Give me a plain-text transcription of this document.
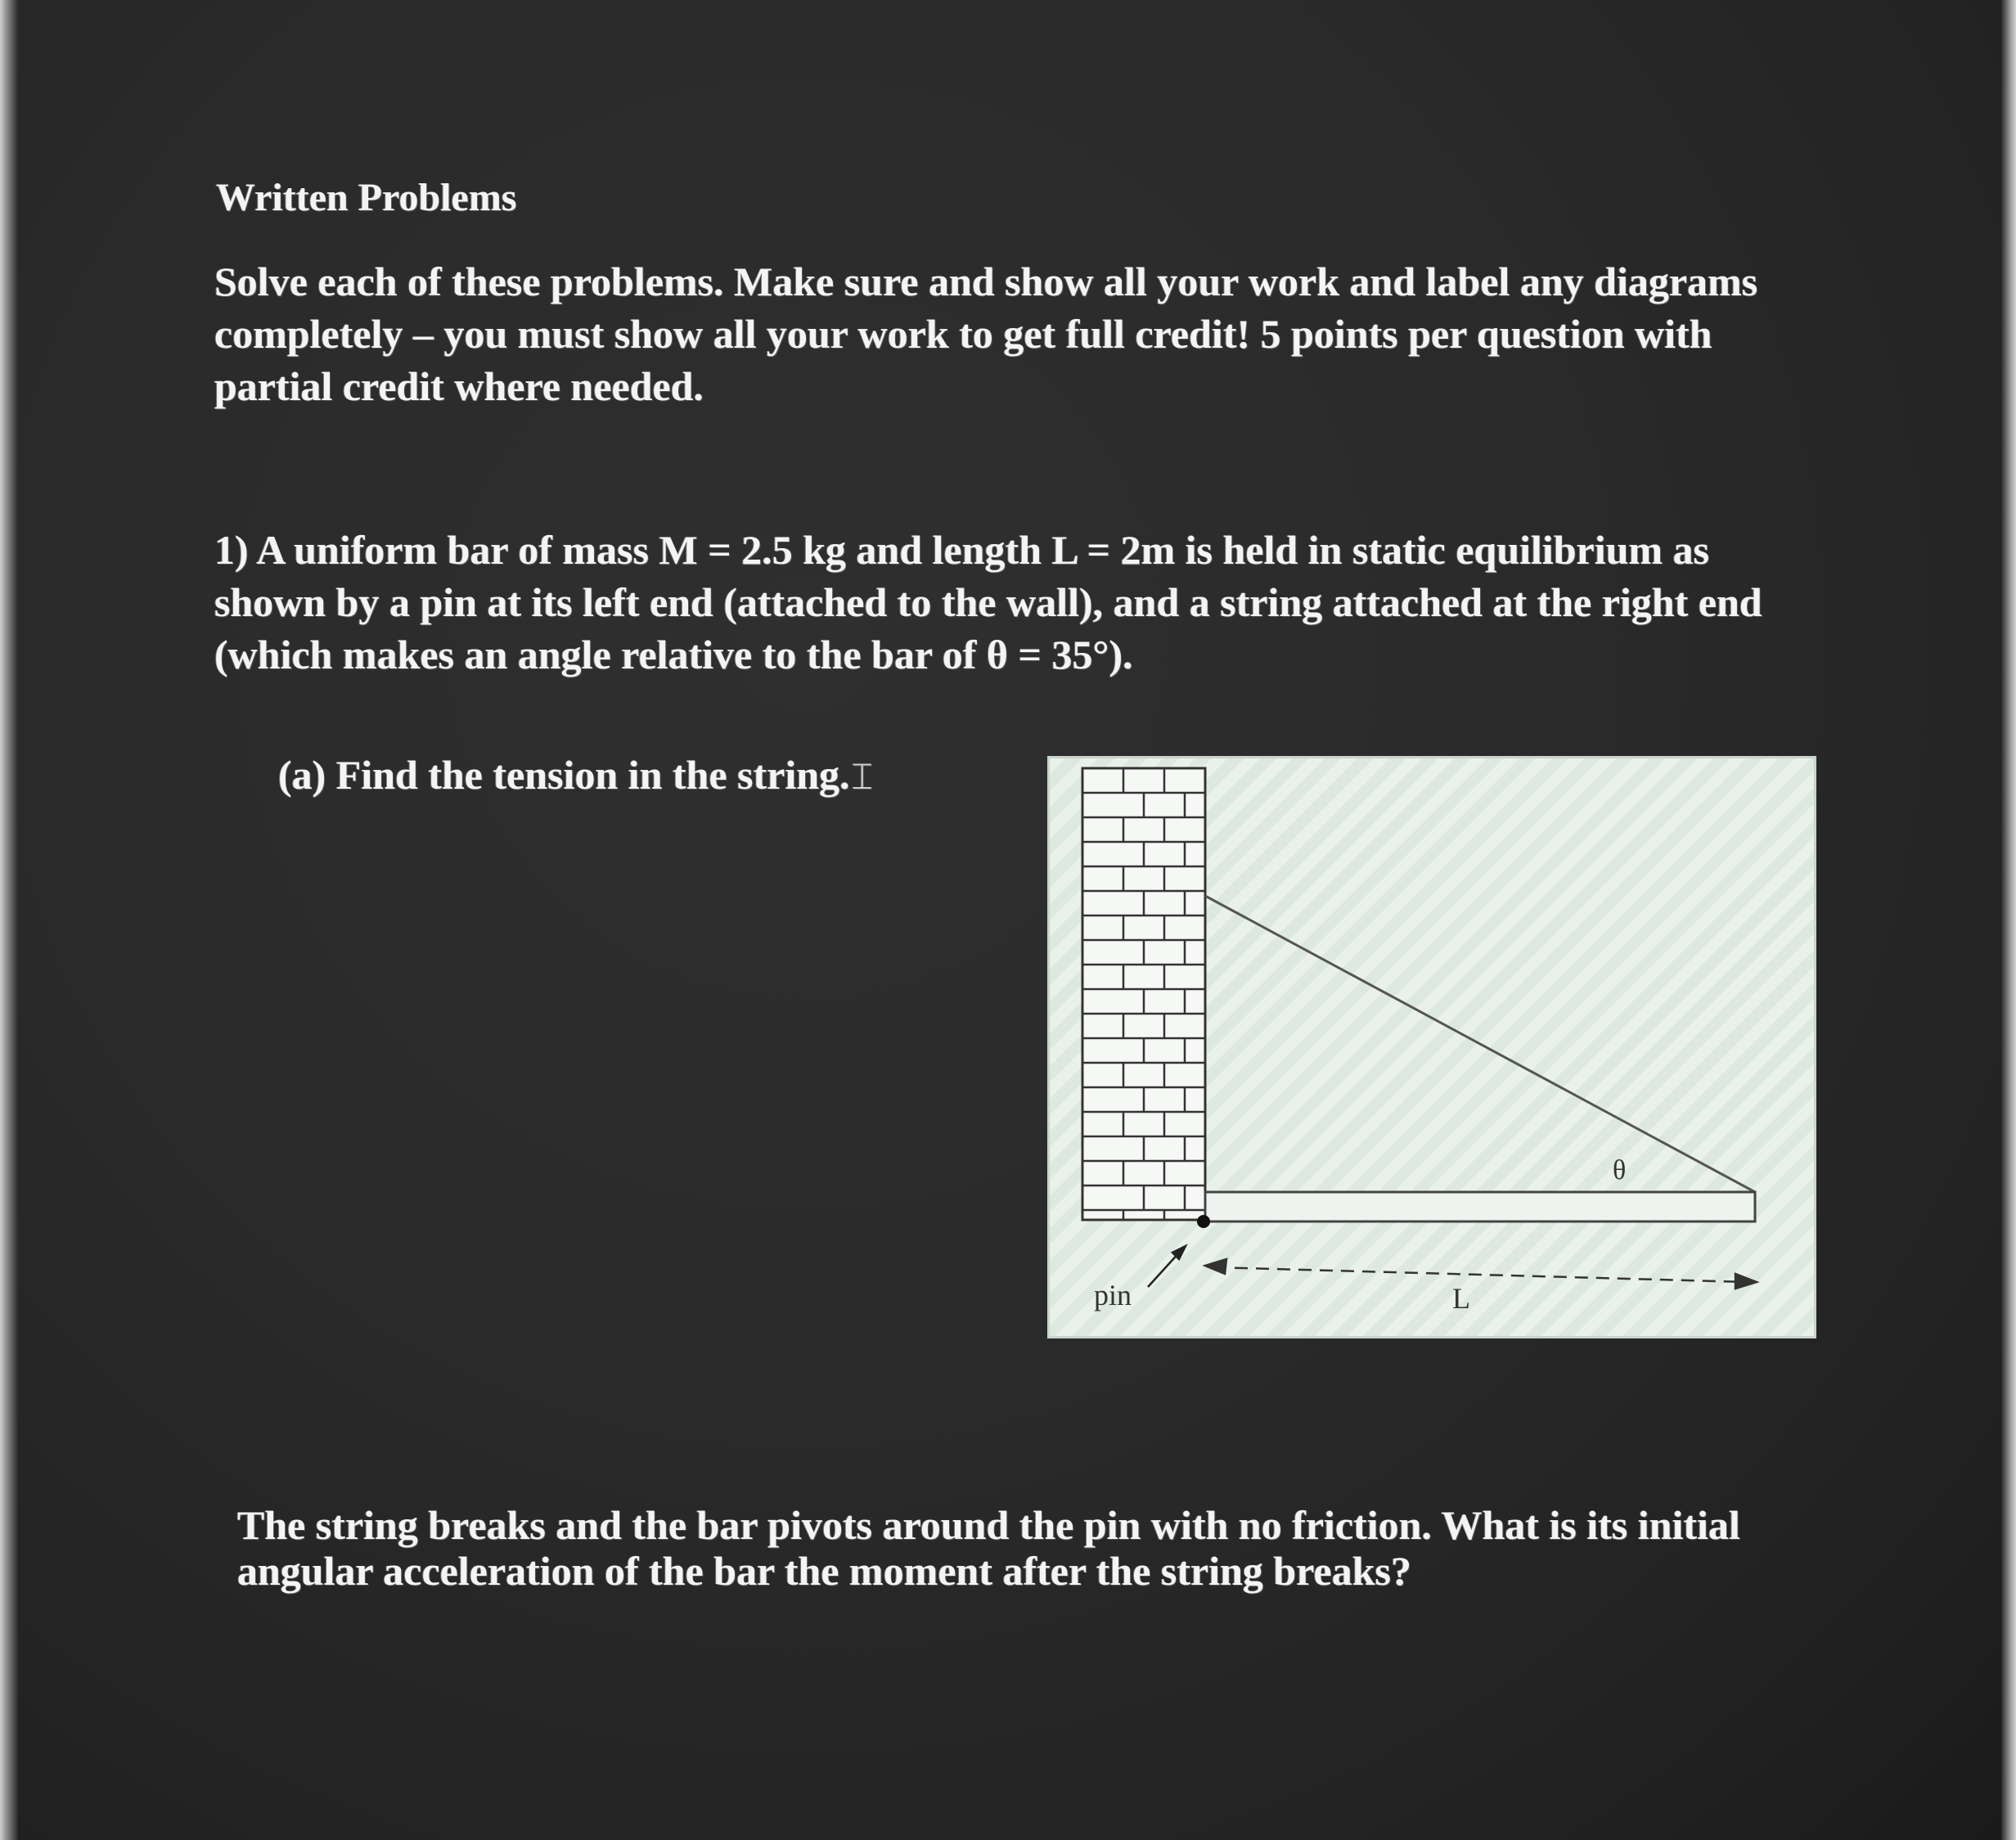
Written Problems

Solve each of these problems. Make sure and show all your work and label any diagrams completely – you must show all your work to get full credit! 5 points per question with partial credit where needed.

1) A uniform bar of mass M = 2.5 kg and length L = 2m is held in static equilibrium as shown by a pin at its left end (attached to the wall), and a string attached at the right end (which makes an angle relative to the bar of θ = 35°).

(a) Find the tension in the string.⌶

pin	L
θ

The string breaks and the bar pivots around the pin with no friction. What is its initial angular acceleration of the bar the moment after the string breaks?
